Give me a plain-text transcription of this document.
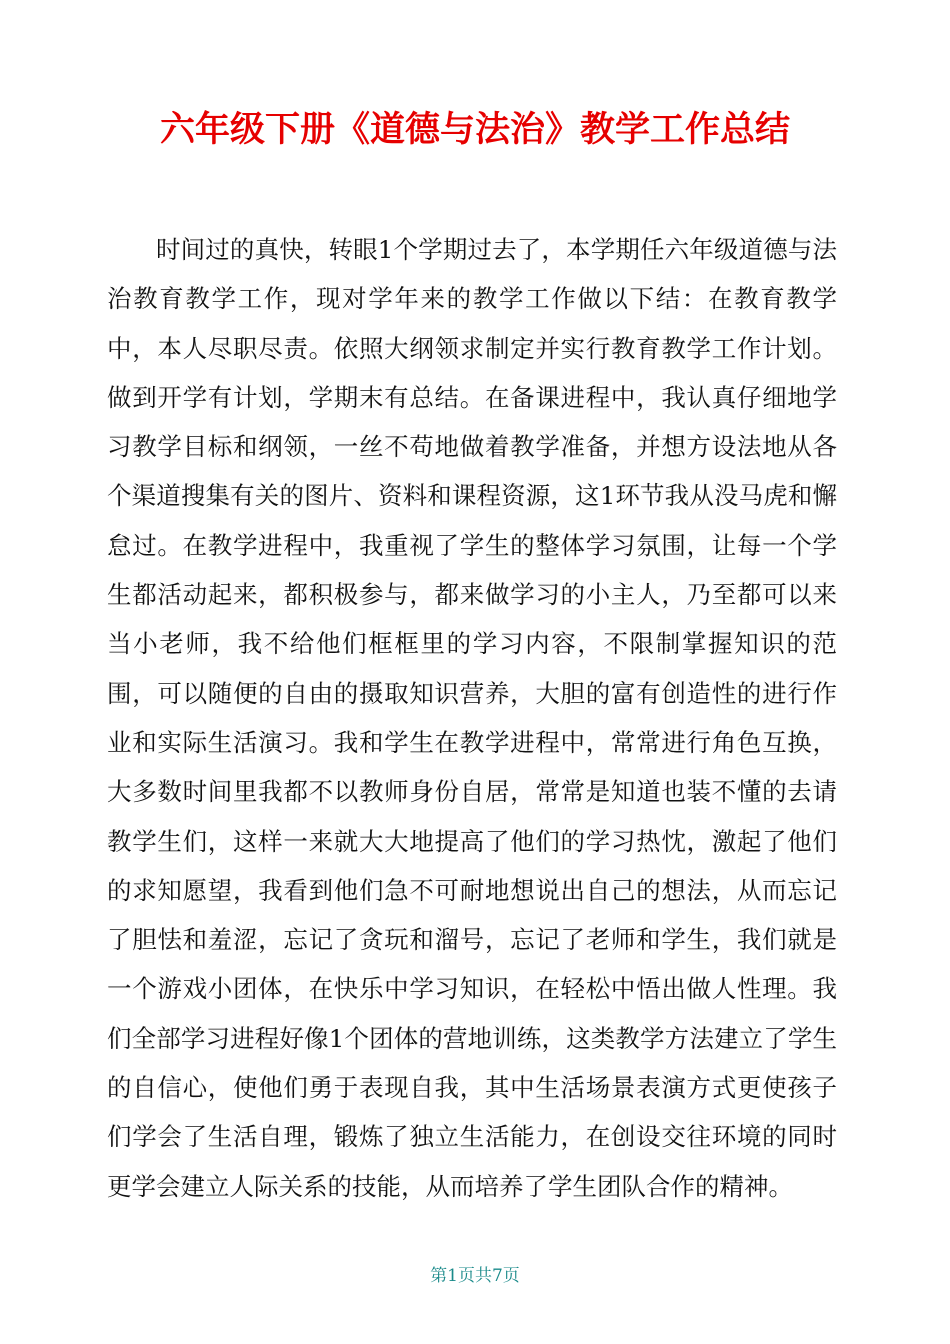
六年级下册《道德与法治》教学工作总结

时间过的真快，转眼1个学期过去了，本学期任六年级道德与法治教育教学工作，现对学年来的教学工作做以下结：在教育教学中，本人尽职尽责。依照大纲领求制定并实行教育教学工作计划。做到开学有计划，学期末有总结。在备课进程中，我认真仔细地学习教学目标和纲领，一丝不苟地做着教学准备，并想方设法地从各个渠道搜集有关的图片、资料和课程资源，这1环节我从没马虎和懈怠过。在教学进程中，我重视了学生的整体学习氛围，让每一个学生都活动起来，都积极参与，都来做学习的小主人，乃至都可以来当小老师，我不给他们框框里的学习内容，不限制掌握知识的范围，可以随便的自由的摄取知识营养，大胆的富有创造性的进行作业和实际生活演习。我和学生在教学进程中，常常进行角色互换，大多数时间里我都不以教师身份自居，常常是知道也装不懂的去请教学生们，这样一来就大大地提高了他们的学习热忱，激起了他们的求知愿望，我看到他们急不可耐地想说出自己的想法，从而忘记了胆怯和羞涩，忘记了贪玩和溜号，忘记了老师和学生，我们就是一个游戏小团体，在快乐中学习知识，在轻松中悟出做人性理。我们全部学习进程好像1个团体的营地训练，这类教学方法建立了学生的自信心，使他们勇于表现自我，其中生活场景表演方式更使孩子们学会了生活自理，锻炼了独立生活能力，在创设交往环境的同时更学会建立人际关系的技能，从而培养了学生团队合作的精神。

第1页共7页
